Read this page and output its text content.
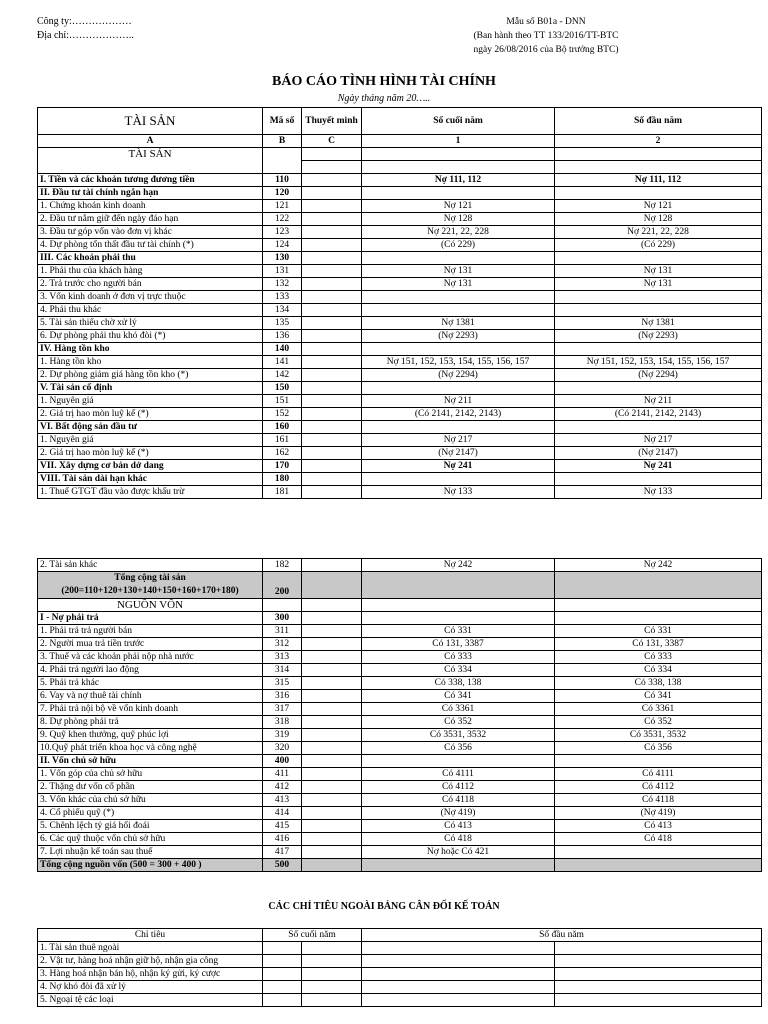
Công ty:………………
Địa chỉ:………………..
Mẫu số B01a - DNN
(Ban hành theo TT 133/2016/TT-BTC
ngày 26/08/2016 của Bộ trưởng BTC)
BÁO CÁO TÌNH HÌNH TÀI CHÍNH
Ngày tháng năm 20…..
TÀI SẢN	Mã số	Thuyết minh	Số cuối năm	Số đầu năm
A	B	C	1	2
TÀI SẢN				

I. Tiền và các khoản tương đương tiền	110		Nợ 111, 112	Nợ 111, 112
II. Đầu tư tài chính ngắn hạn	120			
1. Chứng khoán kinh doanh	121		Nợ 121	Nợ 121
2. Đầu tư nắm giữ đến ngày đáo hạn	122		Nợ 128	Nợ 128
3. Đầu tư góp vốn vào đơn vị khác	123		Nợ 221, 22, 228	Nợ 221, 22, 228
4. Dự phòng tổn thất đầu tư tài chính (*)	124		(Có 229)	(Có 229)
III. Các khoản phải thu	130			
1. Phải thu của khách hàng	131		Nợ 131	Nợ 131
2. Trả trước cho người bán	132		Nợ 131	Nợ 131
3. Vốn kinh doanh ở đơn vị trực thuộc	133			
4. Phải thu khác	134			
5. Tài sản thiếu chờ xử lý	135		Nợ 1381	Nợ 1381
6. Dự phòng phải thu khó đòi (*)	136		(Nợ 2293)	(Nợ 2293)
IV. Hàng tồn kho	140			
1. Hàng tồn kho	141		Nợ 151, 152, 153, 154, 155, 156, 157	Nợ 151, 152, 153, 154, 155, 156, 157
2. Dự phòng giảm giá hàng tồn kho (*)	142		(Nợ 2294)	(Nợ 2294)
V. Tài sản cố định	150			
1. Nguyên giá	151		Nợ 211	Nợ 211
2. Giá trị hao mòn luỹ kế (*)	152		(Có 2141, 2142, 2143)	(Có 2141, 2142, 2143)
VI. Bất động sản đầu tư	160			
1. Nguyên giá	161		Nợ 217	Nợ 217
2. Giá trị hao mòn luỹ kế (*)	162		(Nợ 2147)	(Nợ 2147)
VII. Xây dựng cơ bản dở dang	170		Nợ 241	Nợ 241
VIII. Tài sản dài hạn khác	180			
1. Thuế GTGT đầu vào được khấu trừ	181		Nợ 133	Nợ 133
2. Tài sản khác	182		Nợ 242	Nợ 242

Tổng cộng tài sản
(200=110+120+130+140+150+160+170+180)	200			
NGUỒN VỐN				
I - Nợ phải trả	300			
1. Phải trả trả người bán	311		Có 331	Có 331
2. Người mua trả tiền trước	312		Có 131, 3387	Có 131, 3387
3. Thuế và các khoản phải nộp nhà nước	313		Có 333	Có 333
4. Phải trả người lao động	314		Có 334	Có 334
5. Phải trả khác	315		Có 338, 138	Có 338, 138
6. Vay và nợ thuê tài chính	316		Có 341	Có 341
7. Phải trả nội bộ về vốn kinh doanh	317		Có 3361	Có 3361
8. Dự phòng phải trả	318		Có 352	Có 352
9. Quỹ khen thưởng, quỹ phúc lợi	319		Có 3531, 3532	Có 3531, 3532
10.Quỹ phát triển khoa học và công nghệ	320		Có 356	Có 356
II. Vốn chủ sở hữu	400			
1. Vốn góp của chủ sở hữu	411		Có 4111	Có 4111
2. Thặng dư vốn cổ phần	412		Có 4112	Có 4112
3. Vốn khác của chủ sở hữu	413		Có 4118	Có 4118
4. Cổ phiếu quỹ (*)	414		(Nợ 419)	(Nợ 419)
5. Chênh lệch tỷ giá hối đoái	415		Có 413	Có 413
6. Các quỹ thuộc vốn chủ sở hữu	416		Có 418	Có 418
7. Lợi nhuận kế toán sau thuế	417		Nợ hoặc Có 421	
Tổng cộng nguồn vốn (500 = 300 + 400 )	500			
CÁC CHỈ TIÊU NGOÀI BẢNG CÂN ĐỐI KẾ TOÁN
Chỉ tiêu	Số cuối năm		Số đầu năm	
1. Tài sản thuê ngoài				
2. Vật tư, hàng hoá nhận giữ hộ, nhận gia công				
3. Hàng hoá nhận bán hộ, nhận ký gửi, ký cược				
4. Nợ khó đòi đã xử lý				
5. Ngoại tệ các loại				
